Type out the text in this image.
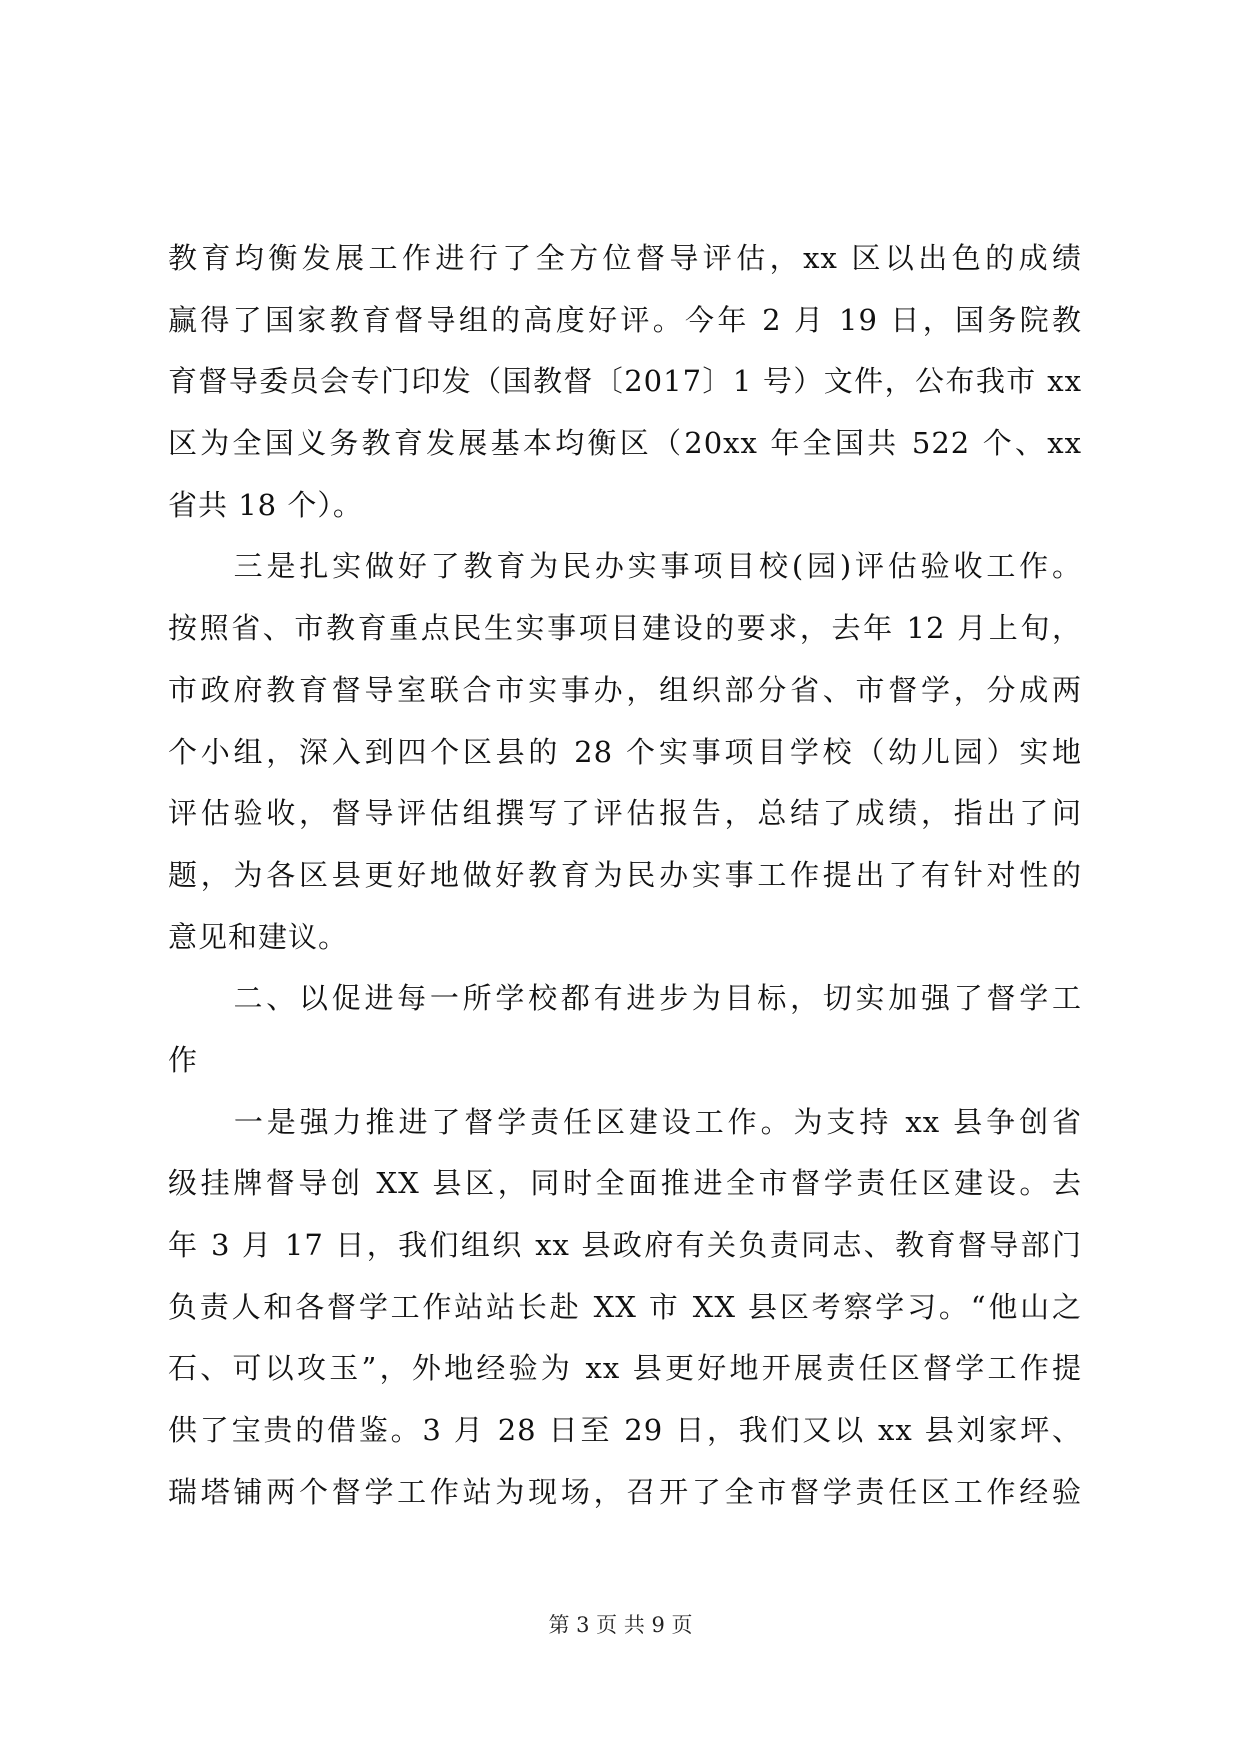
教育均衡发展工作进行了全方位督导评估，xx 区以出色的成绩
赢得了国家教育督导组的高度好评。今年 2 月 19 日，国务院教
育督导委员会专门印发（国教督〔2017〕1 号）文件，公布我市 xx
区为全国义务教育发展基本均衡区（20xx 年全国共 522 个、xx
省共 18 个）。
　　三是扎实做好了教育为民办实事项目校(园)评估验收工作。
按照省、市教育重点民生实事项目建设的要求，去年 12 月上旬，
市政府教育督导室联合市实事办，组织部分省、市督学，分成两
个小组，深入到四个区县的 28 个实事项目学校（幼儿园）实地
评估验收，督导评估组撰写了评估报告，总结了成绩，指出了问
题，为各区县更好地做好教育为民办实事工作提出了有针对性的
意见和建议。
　　二、以促进每一所学校都有进步为目标，切实加强了督学工
作
　　一是强力推进了督学责任区建设工作。为支持 xx 县争创省
级挂牌督导创 XX 县区，同时全面推进全市督学责任区建设。去
年 3 月 17 日，我们组织 xx 县政府有关负责同志、教育督导部门
负责人和各督学工作站站长赴 XX 市 XX 县区考察学习。“他山之
石、可以攻玉”，外地经验为 xx 县更好地开展责任区督学工作提
供了宝贵的借鉴。3 月 28 日至 29 日，我们又以 xx 县刘家坪、
瑞塔铺两个督学工作站为现场，召开了全市督学责任区工作经验
第 3 页 共 9 页
